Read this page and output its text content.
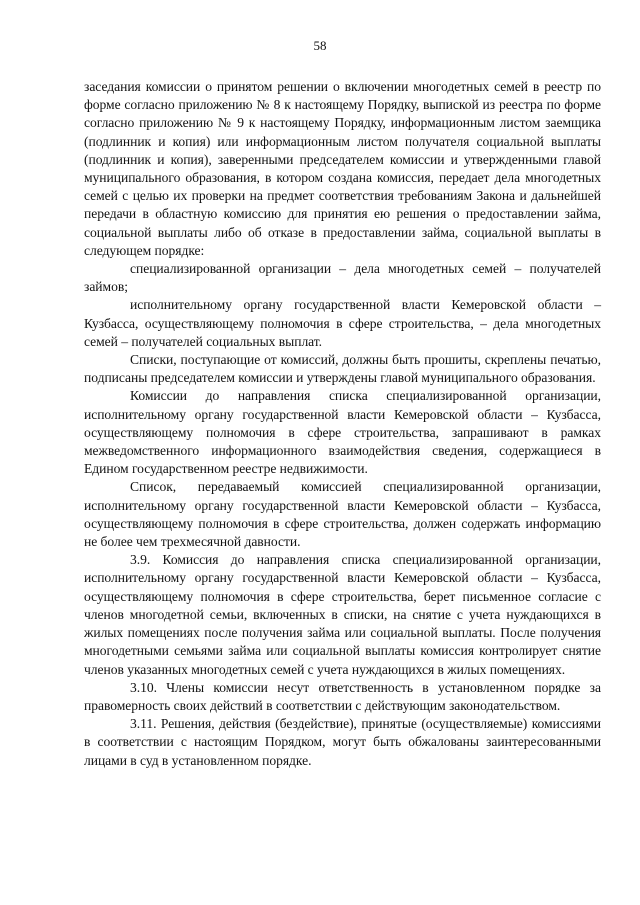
58

заседания комиссии о принятом решении о включении многодетных семей в реестр по форме согласно приложению № 8 к настоящему Порядку, выпиской из реестра по форме согласно приложению № 9 к настоящему Порядку, информационным листом заемщика (подлинник и копия) или информационным листом получателя социальной выплаты (подлинник и копия), заверенными председателем комиссии и утвержденными главой муниципального образования, в котором создана комиссия, передает дела многодетных семей с целью их проверки на предмет соответствия требованиям Закона и дальнейшей передачи в областную комиссию для принятия ею решения о предоставлении займа, социальной выплаты либо об отказе в предоставлении займа, социальной выплаты в следующем порядке:

специализированной организации – дела многодетных семей – получателей займов;

исполнительному органу государственной власти Кемеровской области – Кузбасса, осуществляющему полномочия в сфере строительства, – дела многодетных семей – получателей социальных выплат.

Списки, поступающие от комиссий, должны быть прошиты, скреплены печатью, подписаны председателем комиссии и утверждены главой муниципального образования.

Комиссии до направления списка специализированной организации, исполнительному органу государственной власти Кемеровской области – Кузбасса, осуществляющему полномочия в сфере строительства, запрашивают в рамках межведомственного информационного взаимодействия сведения, содержащиеся в Едином государственном реестре недвижимости.

Список, передаваемый комиссией специализированной организации, исполнительному органу государственной власти Кемеровской области – Кузбасса, осуществляющему полномочия в сфере строительства, должен содержать информацию не более чем трехмесячной давности.

3.9. Комиссия до направления списка специализированной организации, исполнительному органу государственной власти Кемеровской области – Кузбасса, осуществляющему полномочия в сфере строительства, берет письменное согласие с членов многодетной семьи, включенных в списки, на снятие с учета нуждающихся в жилых помещениях после получения займа или социальной выплаты. После получения многодетными семьями займа или социальной выплаты комиссия контролирует снятие членов указанных многодетных семей с учета нуждающихся в жилых помещениях.

3.10. Члены комиссии несут ответственность в установленном порядке за правомерность своих действий в соответствии с действующим законодательством.

3.11. Решения, действия (бездействие), принятые (осуществляемые) комиссиями в соответствии с настоящим Порядком, могут быть обжалованы заинтересованными лицами в суд в установленном порядке.
